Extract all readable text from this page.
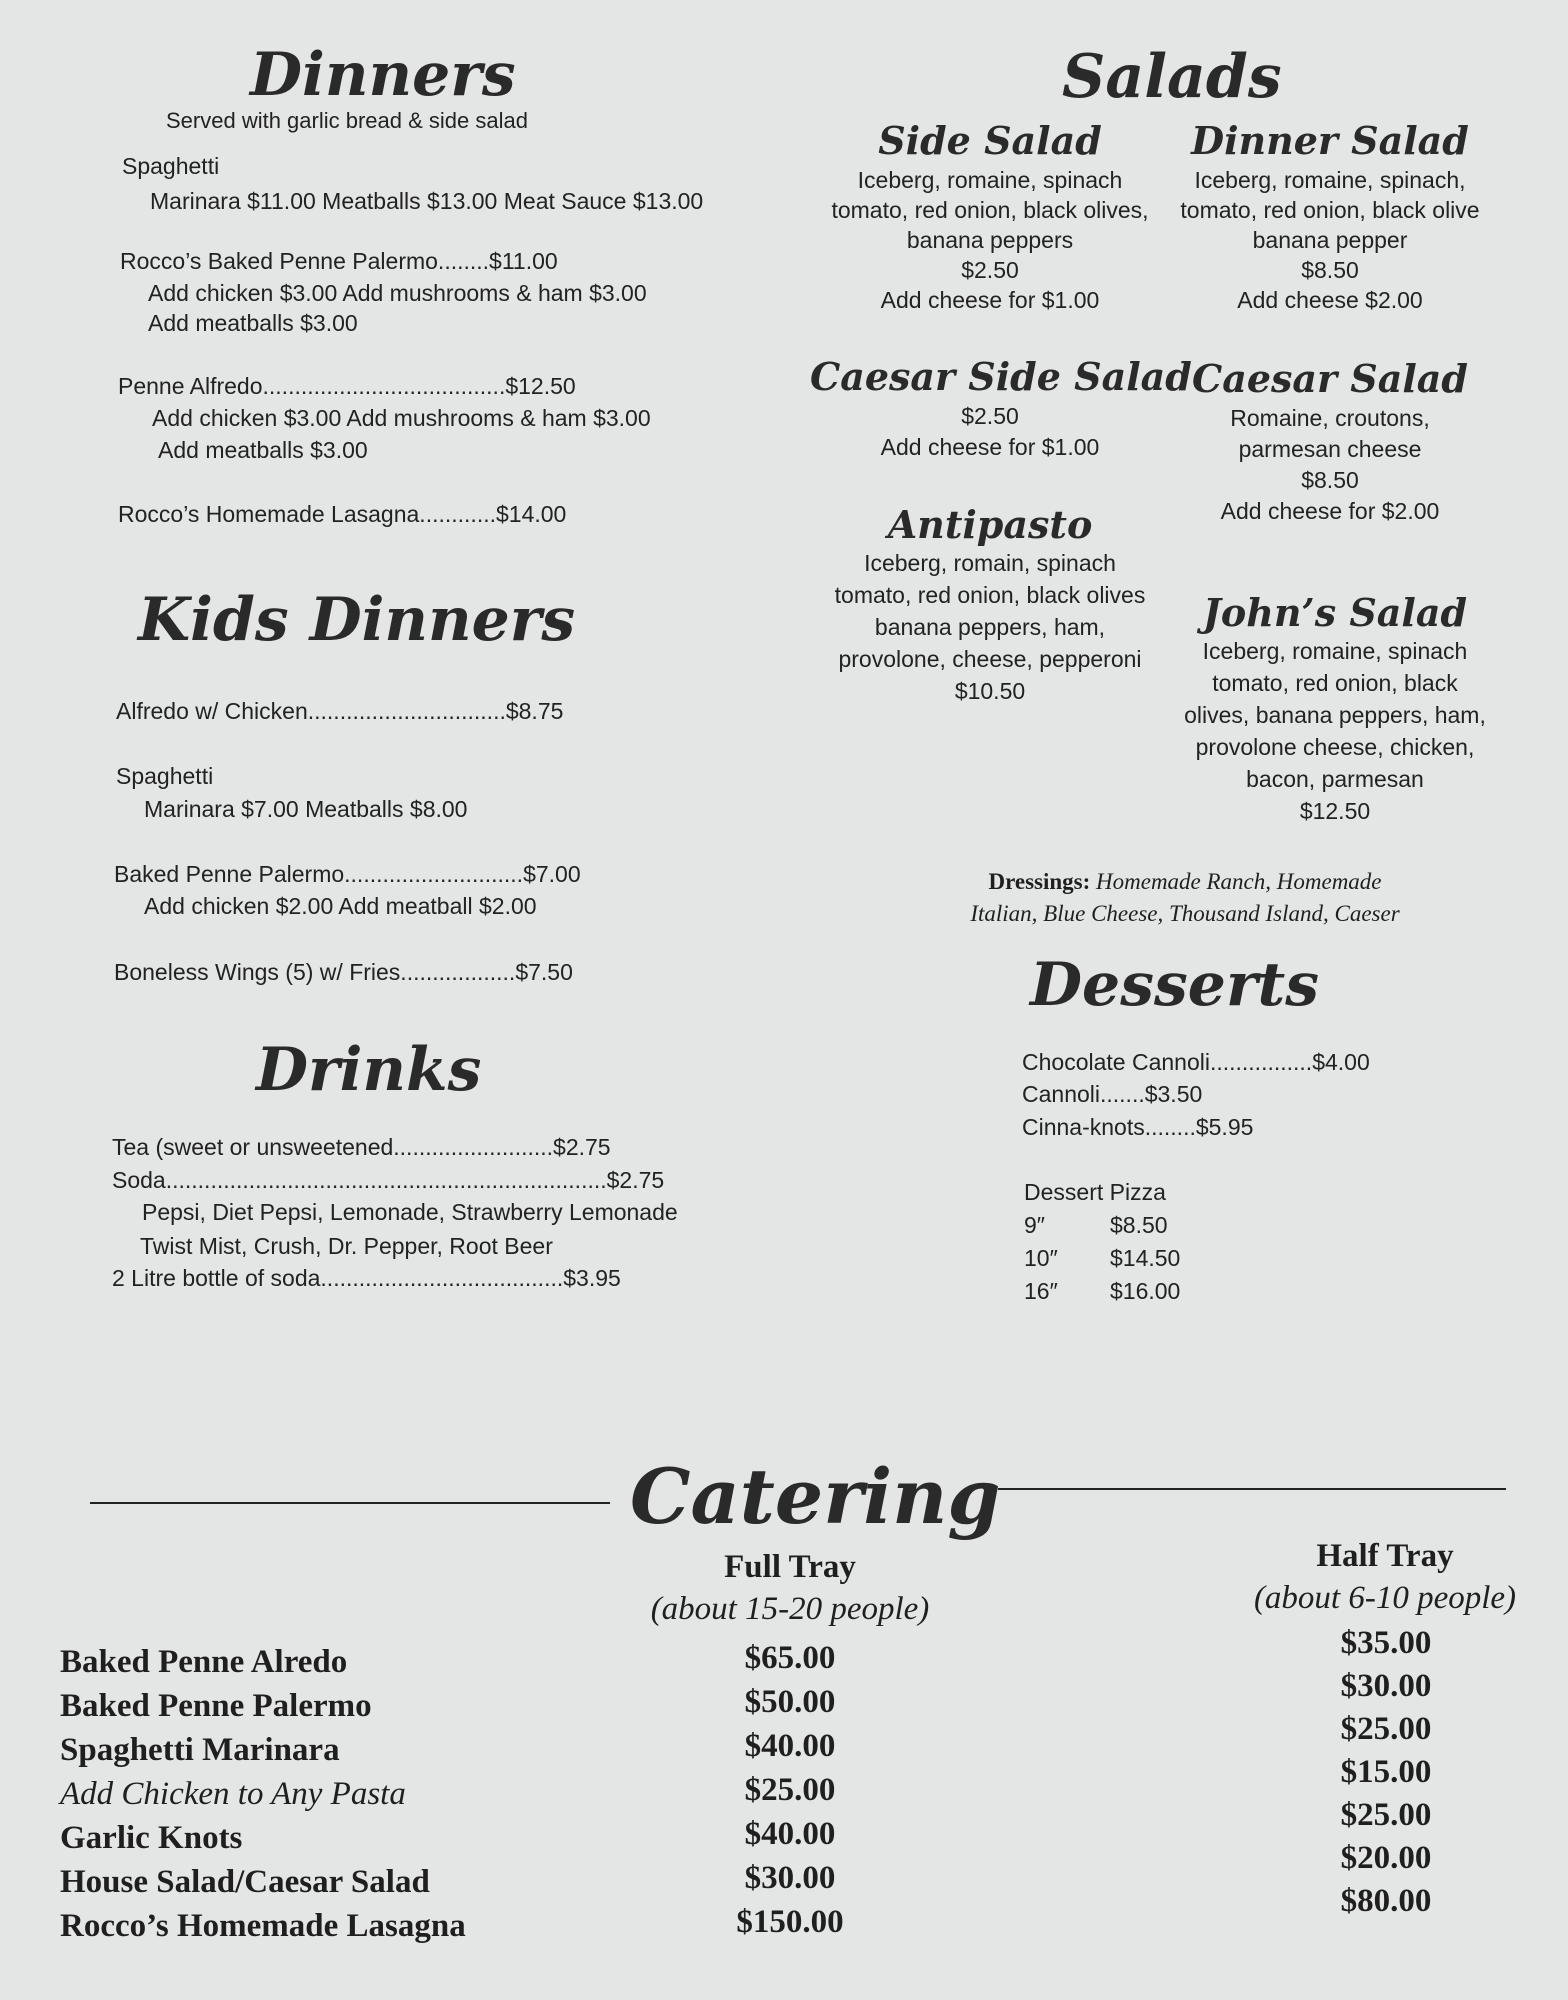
Dinners
Served with garlic bread & side salad
Spaghetti
Marinara $11.00 Meatballs $13.00 Meat Sauce $13.00
Rocco’s Baked Penne Palermo........$11.00
Add chicken $3.00 Add mushrooms & ham $3.00
Add meatballs $3.00
Penne Alfredo......................................$12.50
Add chicken $3.00 Add mushrooms & ham $3.00
Add meatballs $3.00
Rocco’s Homemade Lasagna............$14.00
Kids Dinners
Alfredo w/ Chicken...............................$8.75
Spaghetti
Marinara $7.00 Meatballs $8.00
Baked Penne Palermo............................$7.00
Add chicken $2.00 Add meatball $2.00
Boneless Wings (5) w/ Fries..................$7.50
Drinks
Tea (sweet or unsweetened.........................$2.75
Soda.....................................................................$2.75
Pepsi, Diet Pepsi, Lemonade, Strawberry Lemonade
Twist Mist, Crush, Dr. Pepper, Root Beer
2 Litre bottle of soda......................................$3.95
Salads
Side Salad
Iceberg, romaine, spinach
tomato, red onion, black olives,
banana peppers
$2.50
Add cheese for $1.00
Dinner Salad
Iceberg, romaine, spinach,
tomato, red onion, black olive
banana pepper
$8.50
Add cheese $2.00
Caesar Side Salad
$2.50
Add cheese for $1.00
Caesar Salad
Romaine, croutons,
parmesan cheese
$8.50
Add cheese for $2.00
Antipasto
Iceberg, romain, spinach
tomato, red onion, black olives
banana peppers, ham,
provolone, cheese, pepperoni
$10.50
John’s Salad
Iceberg, romaine, spinach
tomato, red onion, black
olives, banana peppers, ham,
provolone cheese, chicken,
bacon, parmesan
$12.50
Dressings: Homemade Ranch, Homemade
Italian, Blue Cheese, Thousand Island, Caeser
Desserts
Chocolate Cannoli................$4.00
Cannoli.......$3.50
Cinna-knots........$5.95
Dessert Pizza
9″	$8.50
10″ $14.50
16″ $16.00
Catering
Full Tray
(about 15-20 people)
Half Tray
(about 6-10 people)
Baked Penne Alredo
Baked Penne Palermo
Spaghetti Marinara
Add Chicken to Any Pasta
Garlic Knots
House Salad/Caesar Salad
Rocco’s Homemade Lasagna
$65.00
$50.00
$40.00
$25.00
$40.00
$30.00
$150.00
$35.00
$30.00
$25.00
$15.00
$25.00
$20.00
$80.00
